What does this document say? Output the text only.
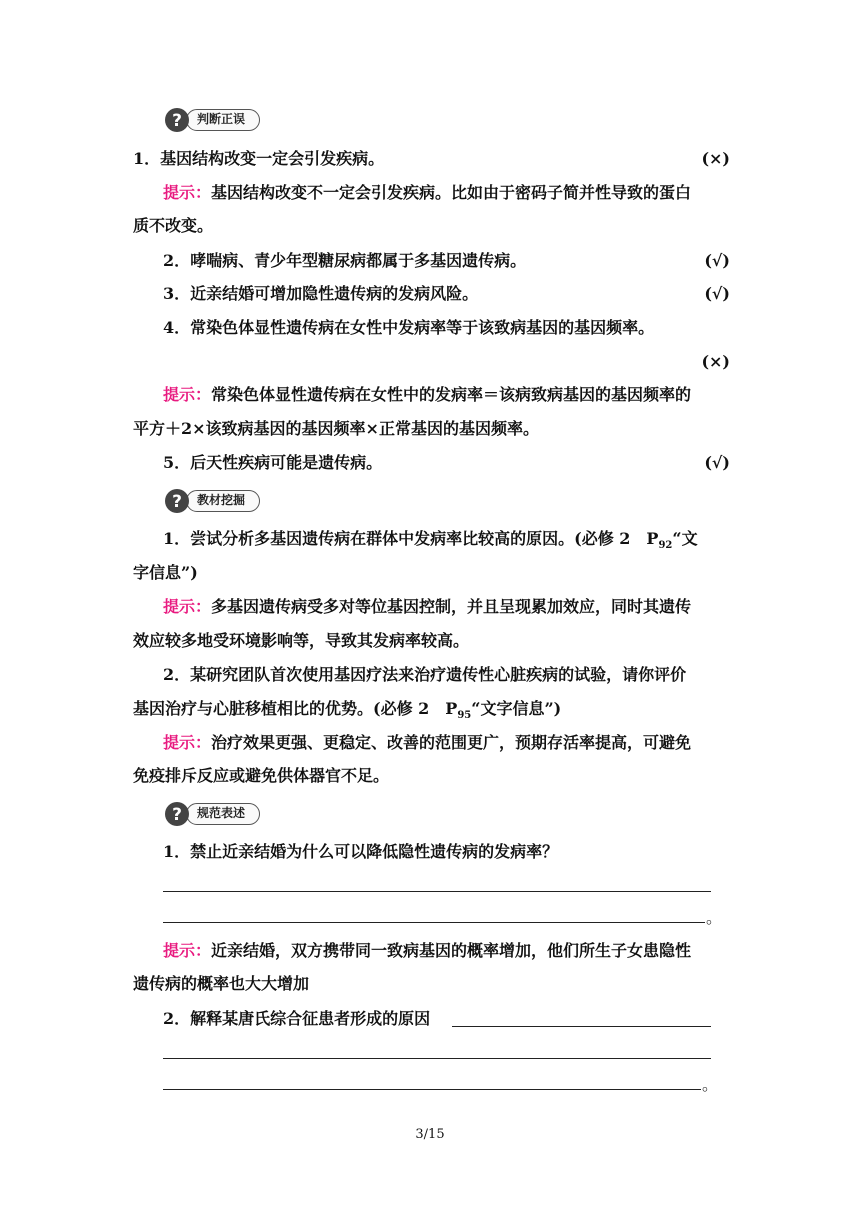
?	判断正误
1．基因结构改变一定会引发疾病。	(×)
提示：基因结构改变不一定会引发疾病。比如由于密码子简并性导致的蛋白
质不改变。
2．哮喘病、青少年型糖尿病都属于多基因遗传病。	(√)
3．近亲结婚可增加隐性遗传病的发病风险。	(√)
4．常染色体显性遗传病在女性中发病率等于该致病基因的基因频率。
(×)
提示：常染色体显性遗传病在女性中的发病率＝该病致病基因的基因频率的
平方＋2×该致病基因的基因频率×正常基因的基因频率。
5．后天性疾病可能是遗传病。	(√)
?	教材挖掘
1．尝试分析多基因遗传病在群体中发病率比较高的原因。(必修 2　$P_{92}“$文
字信息”)
提示：多基因遗传病受多对等位基因控制，并且呈现累加效应，同时其遗传
效应较多地受环境影响等，导致其发病率较高。
2．某研究团队首次使用基因疗法来治疗遗传性心脏疾病的试验，请你评价
基因治疗与心脏移植相比的优势。(必修 2　$P_{95}“$文字信息”)
提示：治疗效果更强、更稳定、改善的范围更广，预期存活率提高，可避免
免疫排斥反应或避免供体器官不足。
?	规范表述
1．禁止近亲结婚为什么可以降低隐性遗传病的发病率？
。
提示：近亲结婚，双方携带同一致病基因的概率增加，他们所生子女患隐性
遗传病的概率也大大增加
2．解释某唐氏综合征患者形成的原因
。
3/15
